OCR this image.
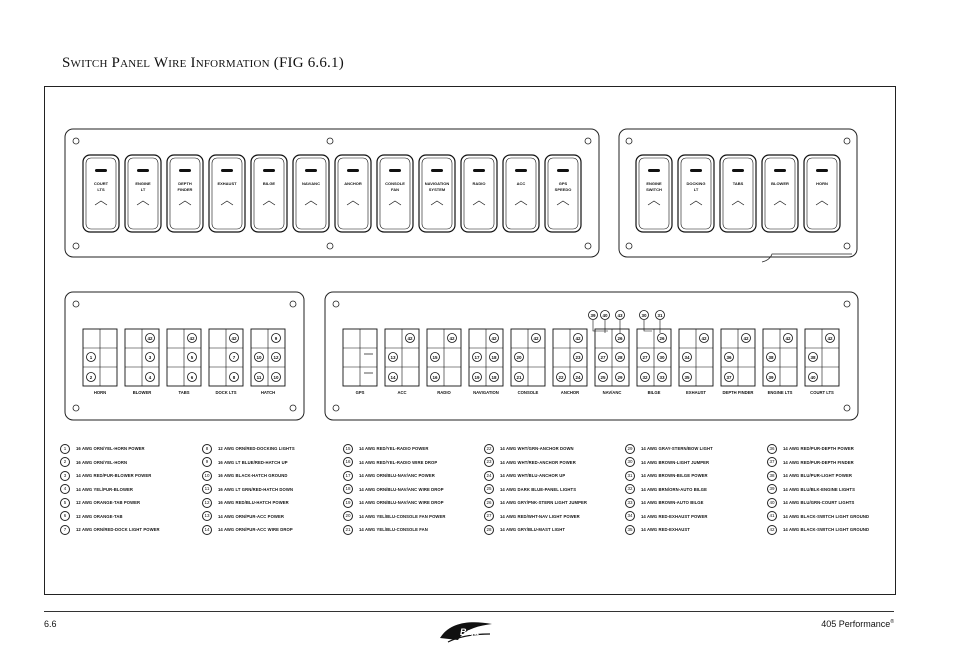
Switch Panel Wire Information (FIG 6.6.1)
COURT
LTS
ENGINE
LT
DEPTH
FINDER
EXHAUST	BILGE	NAV/ANC	ANCHOR	CONSOLE
FAN
NAVIGATION
SYSTEM
RADIO	ACC	GPS
SPEEDO
ENGINE
SWITCH
DOCKING
LT
TABS	BLOWER	HORN
1
2
HORN
42
3
4
BLOWER
42
5
6
TABS
42
7
8
DOCK LTS
9
10	12
11	10
HATCH	GPS
42
13
14
ACC
42
15
16
RADIO
42
17	18
19	18
NAVIGATION
42
20
21
CONSOLE
42
23
22	24
ANCHOR
26
27	28
25	29
NAV/ANC
26
27	30
32	33
BILGE
42
34
35
EXHAUST
42
36
37
DEPTH FINDER
42
38
39
ENGINE LTS
42
38
40
COURT LTS
39 40 43	30 31
1	16 AWG ORN/YEL-HORN POWER
2	16 AWG ORN/YEL-HORN
3	14 AWG RED/PUR-BLOWER POWER
4	14 AWG YEL/PUR-BLOWER
5	12 AWG ORANGE-TAB POWER
6	12 AWG ORANGE-TAB
7	12 AWG ORN/RED-DOCK LIGHT POWER
8	12 AWG ORN/RED-DOCKING LIGHTS
9	16 AWG LT BLUE/RED-HATCH UP
10	16 AWG BLACK-HATCH GROUND
11	16 AWG LT GRN/RED-HATCH DOWN
12	16 AWG RED/BLU-HATCH POWER
13	14 AWG ORN/PUR-ACC POWER
14	14 AWG ORN/PUR-ACC WIRE DROP
15	14 AWG RED/YEL-RADIO POWER
16	14 AWG RED/YEL-RADIO WIRE DROP
17	14 AWG ORN/BLU-NAV/ANC POWER
18	14 AWG ORN/BLU-NAV/ANC WIRE DROP
19	14 AWG ORN/BLU-NAV/ANC WIRE DROP
20	14 AWG YEL/BLU-CONSOLE FAN POWER
21	14 AWG YEL/BLU-CONSOLE FAN
22	14 AWG WHT/GRN-ANCHOR DOWN
23	14 AWG WHT/RED-ANCHOR POWER
24	14 AWG WHT/BLU-ANCHOR UP
25	14 AWG DARK BLUE-PANEL LIGHTS
26	14 AWG GRY/PNK-STERN LIGHT JUMPER
27	14 AWG RED/WHT-NAV LIGHT POWER
28	14 AWG GRY/BLU-MAST LIGHT
29	14 AWG GRAY-STERN/BOW LIGHT
30	14 AWG BROWN-LIGHT JUMPER
31	14 AWG BROWN-BILGE POWER
32	14 AWG BRN/ORN-AUTO BILGE
33	14 AWG BROWN-AUTO BILGE
34	14 AWG RED-EXHAUST POWER
35	14 AWG RED-EXHAUST
36	14 AWG RED/PUR-DEPTH POWER
37	14 AWG RED/PUR-DEPTH FINDER
38	14 AWG BLU/PUR-LIGHT POWER
39	14 AWG BLU/BLK-ENGINE LIGHTS
40	14 AWG BLU/GRN-COURT LIGHTS
41	14 AWG BLACK-SWITCH LIGHT GROUND
42	14 AWG BLACK-SWITCH LIGHT GROUND
6.6
Baja
405 Performance®
